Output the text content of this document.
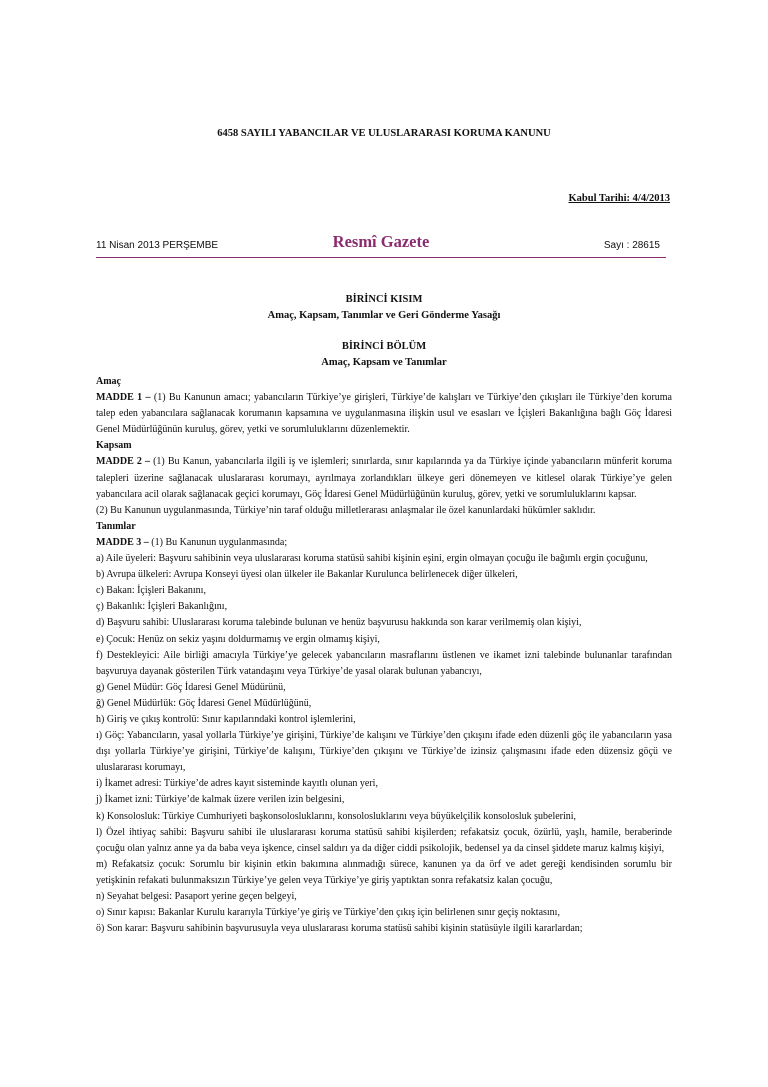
6458 SAYILI YABANCILAR VE ULUSLARARASI KORUMA KANUNU
Kabul Tarihi: 4/4/2013
11 Nisan 2013 PERŞEMBE	Resmî Gazete	Sayı : 28615
BİRİNCİ KISIM
Amaç, Kapsam, Tanımlar ve Geri Gönderme Yasağı
BİRİNCİ BÖLÜM
Amaç, Kapsam ve Tanımlar

Amaç

MADDE 1 – (1) Bu Kanunun amacı; yabancıların Türkiye’ye girişleri, Türkiye’de kalışları ve Türkiye’den çıkışları ile Türkiye’den koruma talep eden yabancılara sağlanacak korumanın kapsamına ve uygulanmasına ilişkin usul ve esasları ve İçişleri Bakanlığına bağlı Göç İdaresi Genel Müdürlüğünün kuruluş, görev, yetki ve sorumluluklarını düzenlemektir.

Kapsam

MADDE 2 – (1) Bu Kanun, yabancılarla ilgili iş ve işlemleri; sınırlarda, sınır kapılarında ya da Türkiye içinde yabancıların münferit koruma talepleri üzerine sağlanacak uluslararası korumayı, ayrılmaya zorlandıkları ülkeye geri dönemeyen ve kitlesel olarak Türkiye’ye gelen yabancılara acil olarak sağlanacak geçici korumayı, Göç İdaresi Genel Müdürlüğünün kuruluş, görev, yetki ve sorumluluklarını kapsar.

(2) Bu Kanunun uygulanmasında, Türkiye’nin taraf olduğu milletlerarası anlaşmalar ile özel kanunlardaki hükümler saklıdır.

Tanımlar

MADDE 3 – (1) Bu Kanunun uygulanmasında;

a) Aile üyeleri: Başvuru sahibinin veya uluslararası koruma statüsü sahibi kişinin eşini, ergin olmayan çocuğu ile bağımlı ergin çocuğunu,

b) Avrupa ülkeleri: Avrupa Konseyi üyesi olan ülkeler ile Bakanlar Kurulunca belirlenecek diğer ülkeleri,

c) Bakan: İçişleri Bakanını,

ç) Bakanlık: İçişleri Bakanlığını,

d) Başvuru sahibi: Uluslararası koruma talebinde bulunan ve henüz başvurusu hakkında son karar verilmemiş olan kişiyi,

e) Çocuk: Henüz on sekiz yaşını doldurmamış ve ergin olmamış kişiyi,

f) Destekleyici: Aile birliği amacıyla Türkiye’ye gelecek yabancıların masraflarını üstlenen ve ikamet izni talebinde bulunanlar tarafından başvuruya dayanak gösterilen Türk vatandaşını veya Türkiye’de yasal olarak bulunan yabancıyı,

g) Genel Müdür: Göç İdaresi Genel Müdürünü,

ğ) Genel Müdürlük: Göç İdaresi Genel Müdürlüğünü,

h) Giriş ve çıkış kontrolü: Sınır kapılarındaki kontrol işlemlerini,

ı) Göç: Yabancıların, yasal yollarla Türkiye’ye girişini, Türkiye’de kalışını ve Türkiye’den çıkışını ifade eden düzenli göç ile yabancıların yasa dışı yollarla Türkiye’ye girişini, Türkiye’de kalışını, Türkiye’den çıkışını ve Türkiye’de izinsiz çalışmasını ifade eden düzensiz göçü ve uluslararası korumayı,

i) İkamet adresi: Türkiye’de adres kayıt sisteminde kayıtlı olunan yeri,

j) İkamet izni: Türkiye’de kalmak üzere verilen izin belgesini,

k) Konsolosluk: Türkiye Cumhuriyeti başkonsolosluklarını, konsolosluklarını veya büyükelçilik konsolosluk şubelerini,

l) Özel ihtiyaç sahibi: Başvuru sahibi ile uluslararası koruma statüsü sahibi kişilerden; refakatsiz çocuk, özürlü, yaşlı, hamile, beraberinde çocuğu olan yalnız anne ya da baba veya işkence, cinsel saldırı ya da diğer ciddi psikolojik, bedensel ya da cinsel şiddete maruz kalmış kişiyi,

m) Refakatsiz çocuk: Sorumlu bir kişinin etkin bakımına alınmadığı sürece, kanunen ya da örf ve adet gereği kendisinden sorumlu bir yetişkinin refakati bulunmaksızın Türkiye’ye gelen veya Türkiye’ye giriş yaptıktan sonra refakatsiz kalan çocuğu,

n) Seyahat belgesi: Pasaport yerine geçen belgeyi,

o) Sınır kapısı: Bakanlar Kurulu kararıyla Türkiye’ye giriş ve Türkiye’den çıkış için belirlenen sınır geçiş noktasını,

ö) Son karar: Başvuru sahibinin başvurusuyla veya uluslararası koruma statüsü sahibi kişinin statüsüyle ilgili kararlardan;
